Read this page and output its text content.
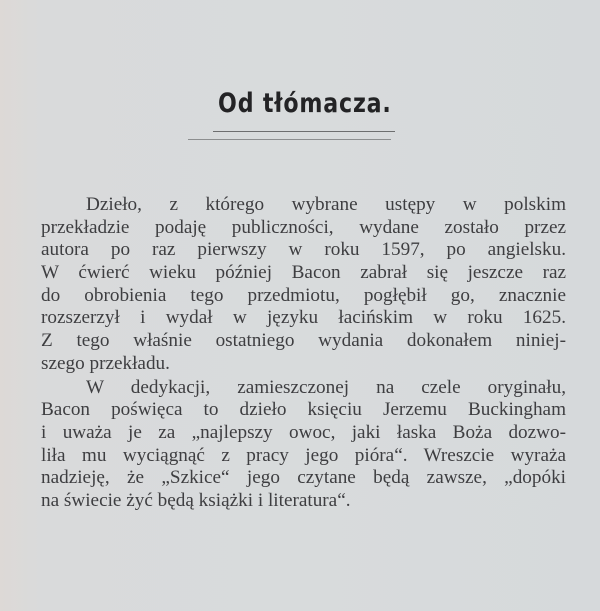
Od tłómacza.
Dzieło, z którego wybrane ustępy w polskim
przekładzie podaję publiczności, wydane zostało przez
autora po raz pierwszy w roku 1597, po angielsku.
W ćwierć wieku później Bacon zabrał się jeszcze raz
do obrobienia tego przedmiotu, pogłębił go, znacznie
rozszerzył i wydał w języku łacińskim w roku 1625.
Z tego właśnie ostatniego wydania dokonałem niniej-
szego przekładu.
W dedykacji, zamieszczonej na czele oryginału,
Bacon poświęca to dzieło księciu Jerzemu Buckingham
i uważa je za „najlepszy owoc, jaki łaska Boża dozwo-
liła mu wyciągnąć z pracy jego pióra“. Wreszcie wyraża
nadzieję, że „Szkice“ jego czytane będą zawsze, „dopóki
na świecie żyć będą książki i literatura“.
